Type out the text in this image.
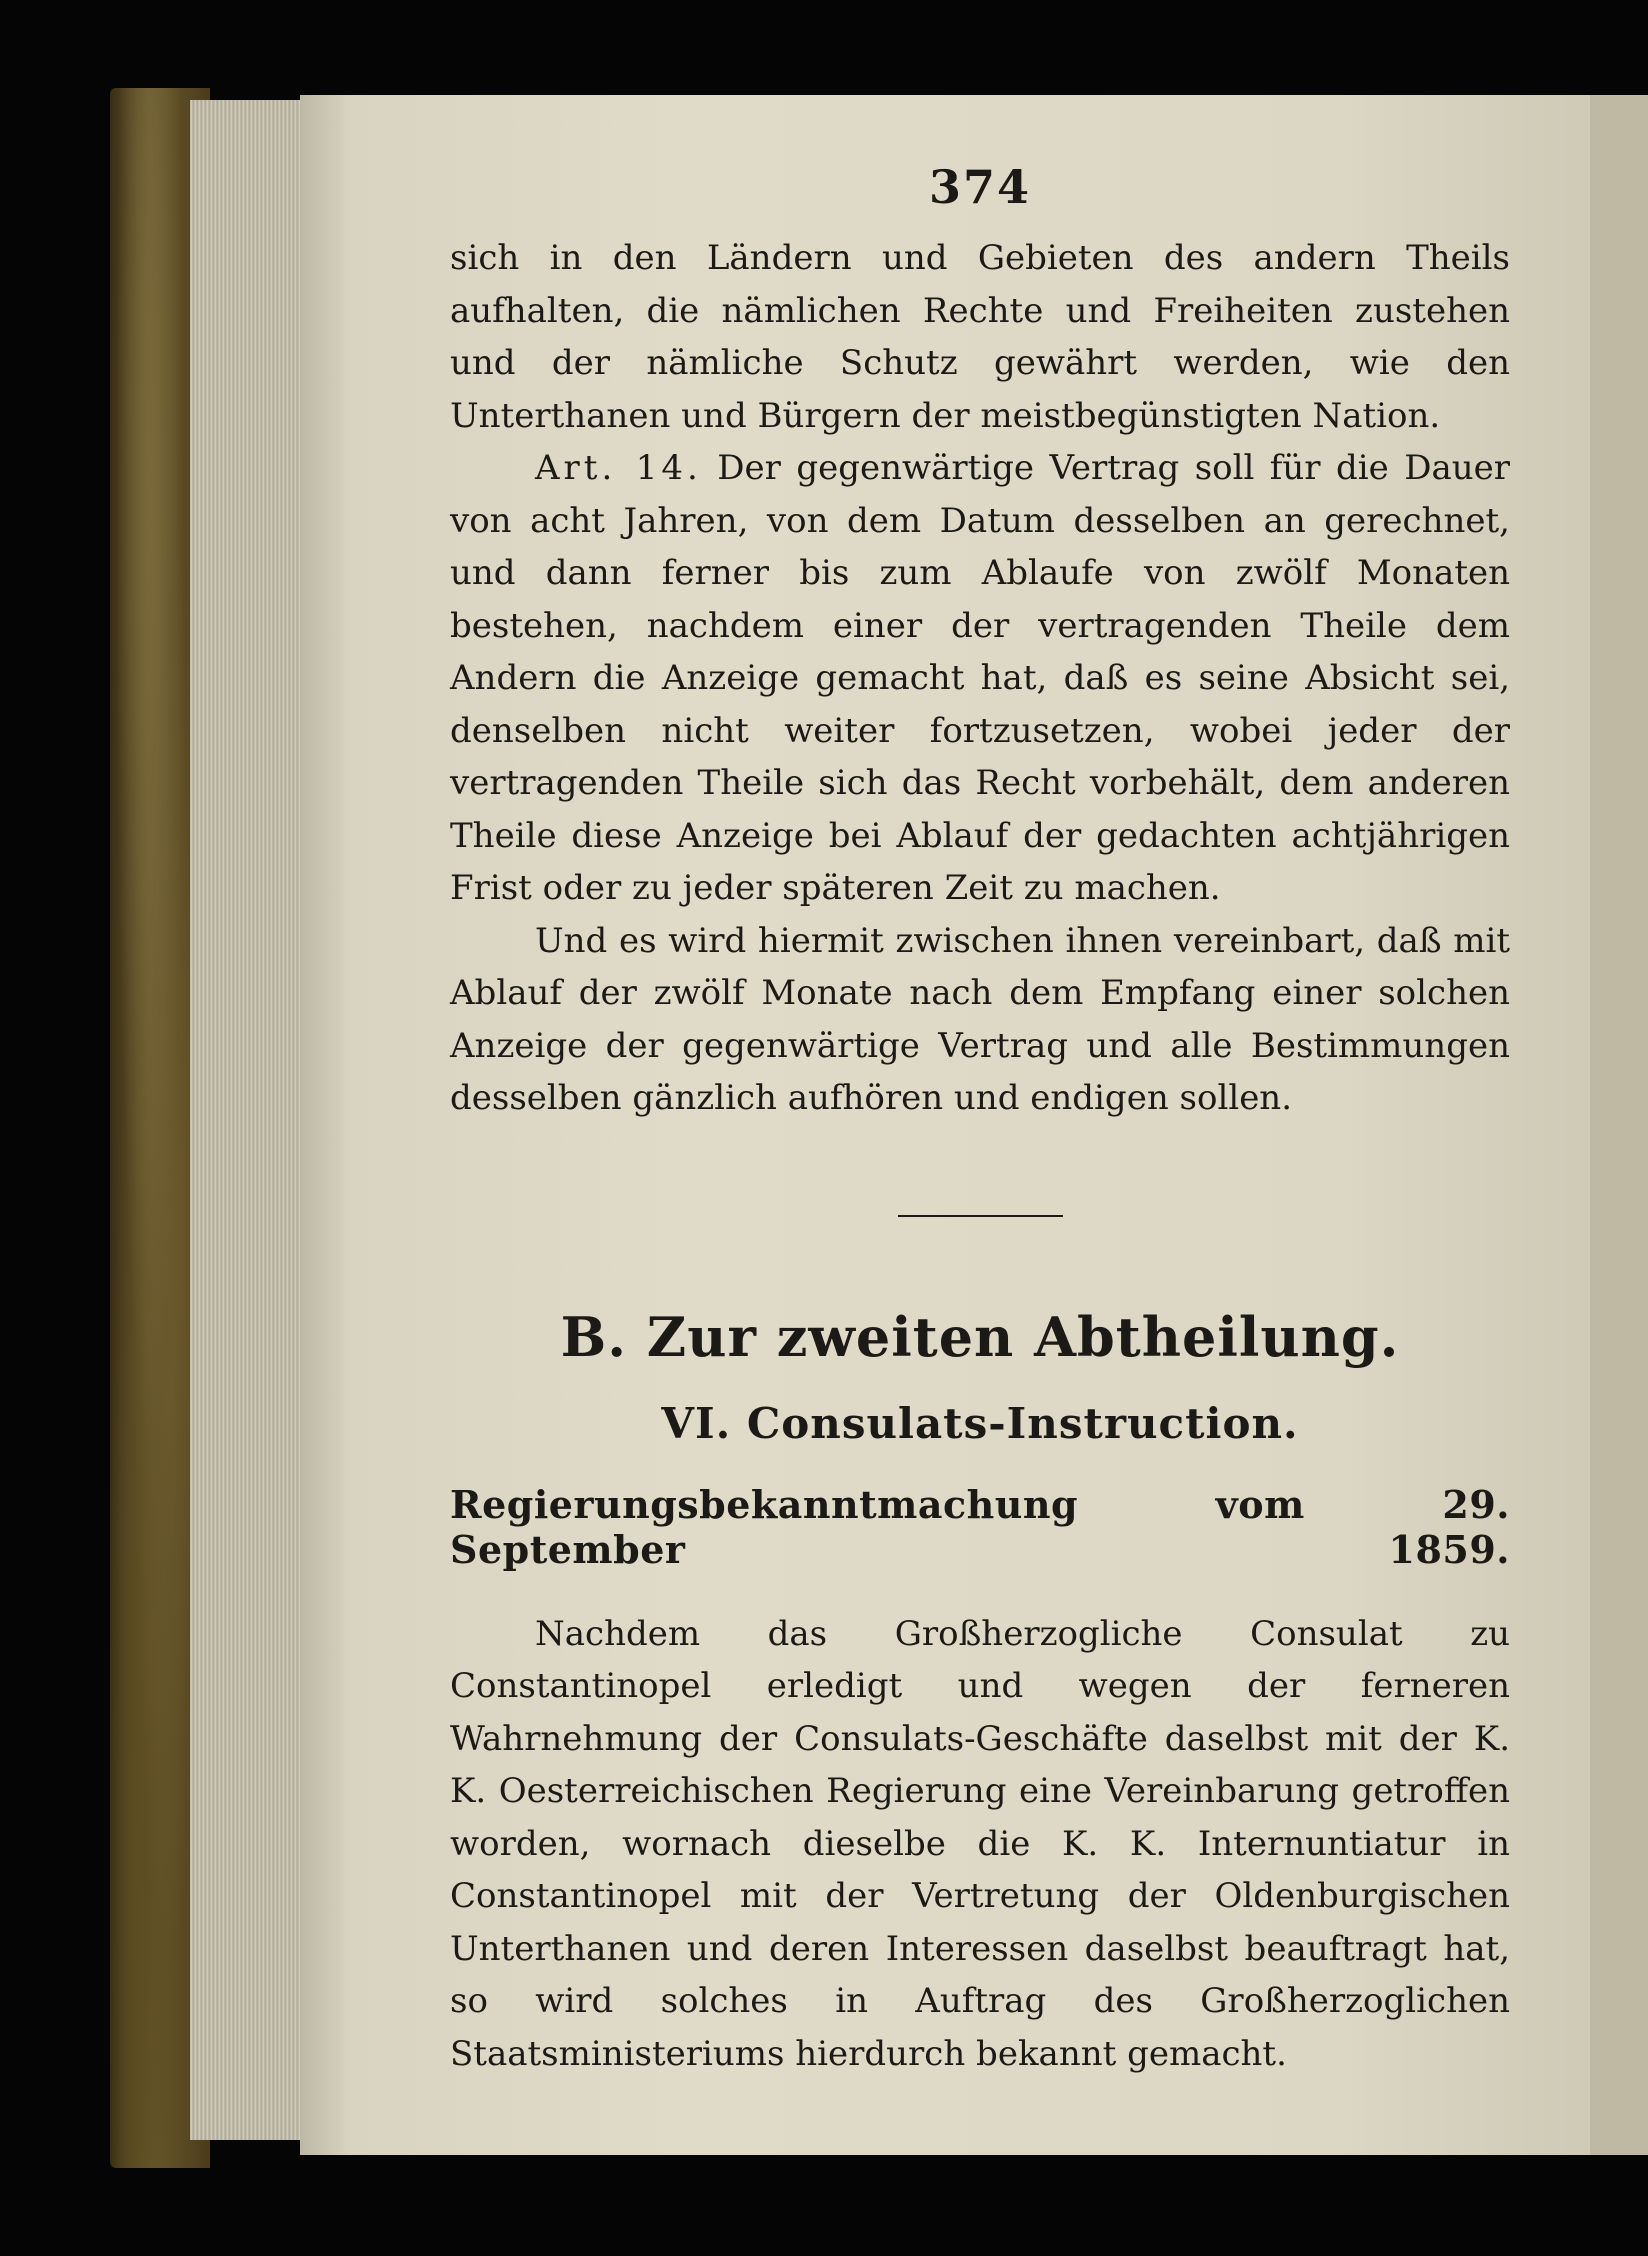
374

sich in den Ländern und Gebieten des andern Theils aufhalten, die nämlichen Rechte und Freiheiten zustehen und der nämliche Schutz gewährt werden, wie den Unterthanen und Bürgern der meistbegünstigten Nation.

Art. 14. Der gegenwärtige Vertrag soll für die Dauer von acht Jahren, von dem Datum desselben an gerechnet, und dann ferner bis zum Ablaufe von zwölf Monaten bestehen, nachdem einer der vertragenden Theile dem Andern die Anzeige gemacht hat, daß es seine Absicht sei, denselben nicht weiter fortzusetzen, wobei jeder der vertragenden Theile sich das Recht vorbehält, dem anderen Theile diese Anzeige bei Ablauf der gedachten achtjährigen Frist oder zu jeder späteren Zeit zu machen.

Und es wird hiermit zwischen ihnen vereinbart, daß mit Ablauf der zwölf Monate nach dem Empfang einer solchen Anzeige der gegenwärtige Vertrag und alle Bestimmungen desselben gänzlich aufhören und endigen sollen.

B. Zur zweiten Abtheilung.
VI. Consulats-Instruction.
Regierungsbekanntmachung vom 29. September 1859.

Nachdem das Großherzogliche Consulat zu Constantinopel erledigt und wegen der ferneren Wahrnehmung der Consulats-Geschäfte daselbst mit der K. K. Oesterreichischen Regierung eine Vereinbarung getroffen worden, wornach dieselbe die K. K. Internuntiatur in Constantinopel mit der Vertretung der Oldenburgischen Unterthanen und deren Interessen daselbst beauftragt hat, so wird solches in Auftrag des Großherzoglichen Staatsministeriums hierdurch bekannt gemacht.
